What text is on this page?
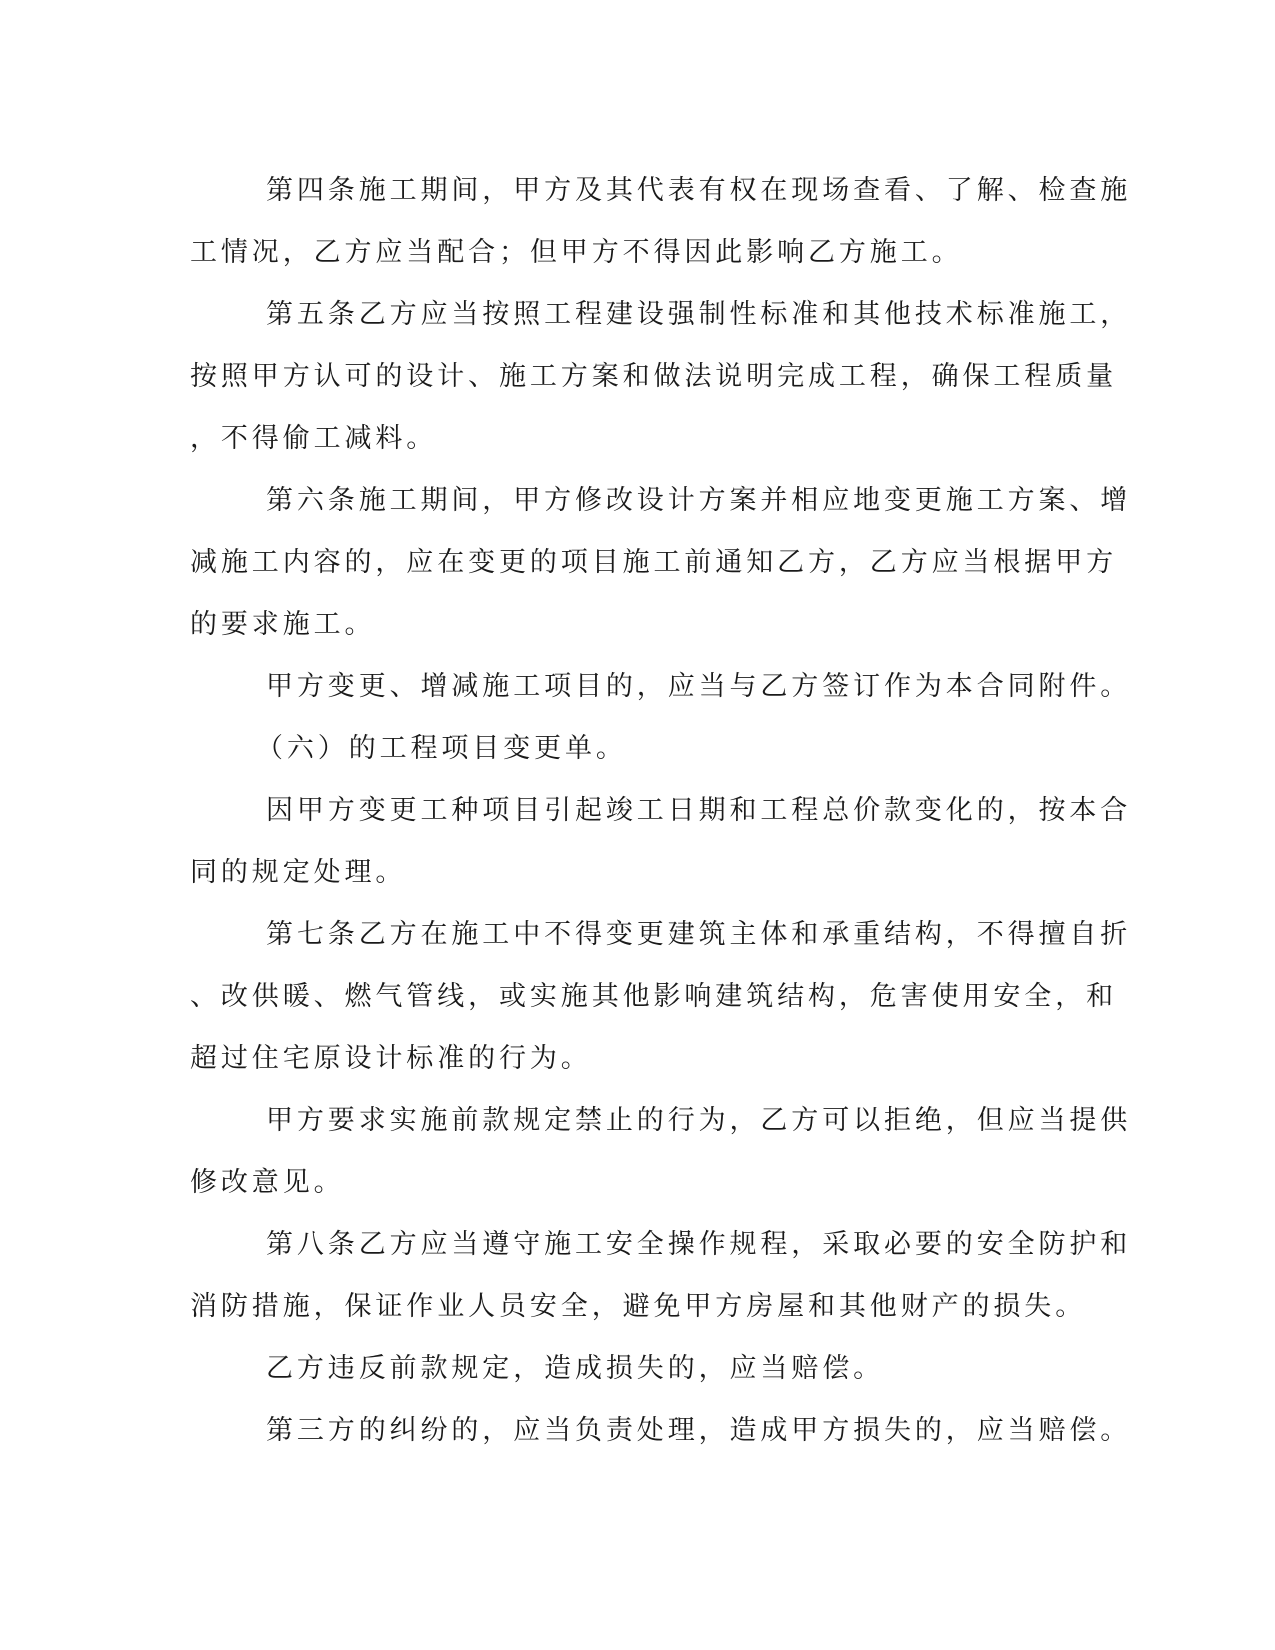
第四条施工期间，甲方及其代表有权在现场查看、了解、检查施
工情况，乙方应当配合；但甲方不得因此影响乙方施工。
第五条乙方应当按照工程建设强制性标准和其他技术标准施工，
按照甲方认可的设计、施工方案和做法说明完成工程，确保工程质量
，不得偷工减料。
第六条施工期间，甲方修改设计方案并相应地变更施工方案、增
减施工内容的，应在变更的项目施工前通知乙方，乙方应当根据甲方
的要求施工。
甲方变更、增减施工项目的，应当与乙方签订作为本合同附件。
（六）的工程项目变更单。
因甲方变更工种项目引起竣工日期和工程总价款变化的，按本合
同的规定处理。
第七条乙方在施工中不得变更建筑主体和承重结构，不得擅自折
、改供暖、燃气管线，或实施其他影响建筑结构，危害使用安全，和
超过住宅原设计标准的行为。
甲方要求实施前款规定禁止的行为，乙方可以拒绝，但应当提供
修改意见。
第八条乙方应当遵守施工安全操作规程，采取必要的安全防护和
消防措施，保证作业人员安全，避免甲方房屋和其他财产的损失。
乙方违反前款规定，造成损失的，应当赔偿。
第三方的纠纷的，应当负责处理，造成甲方损失的，应当赔偿。
